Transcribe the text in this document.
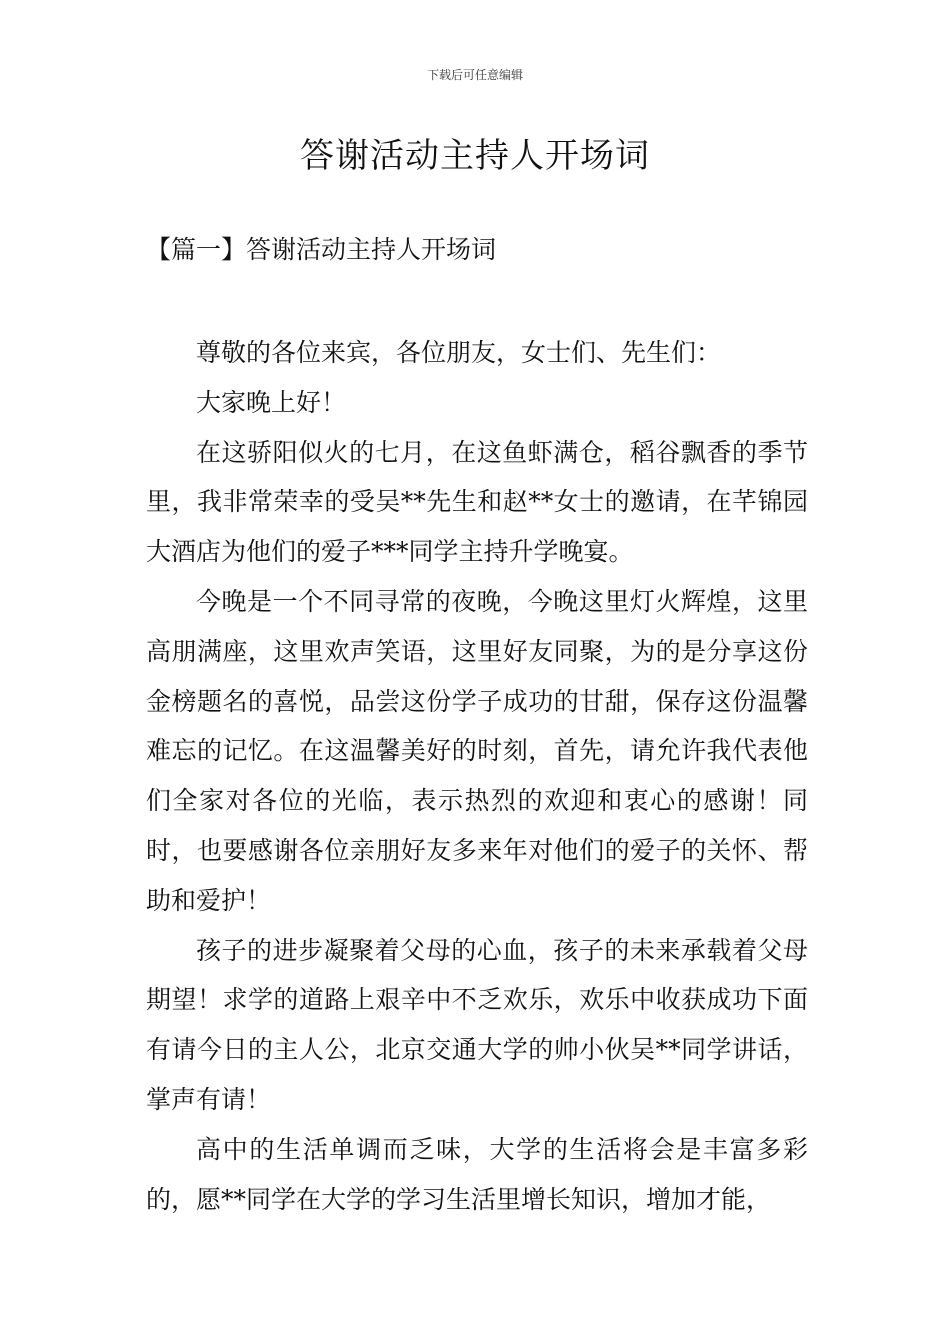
下载后可任意编辑
答谢活动主持人开场词
【篇一】答谢活动主持人开场词

尊敬的各位来宾，各位朋友，女士们、先生们：

大家晚上好！

在这骄阳似火的七月，在这鱼虾满仓，稻谷飘香的季节里，我非常荣幸的受吴**先生和赵**女士的邀请，在芊锦园大酒店为他们的爱子***同学主持升学晚宴。

今晚是一个不同寻常的夜晚，今晚这里灯火辉煌，这里高朋满座，这里欢声笑语，这里好友同聚，为的是分享这份金榜题名的喜悦，品尝这份学子成功的甘甜，保存这份温馨难忘的记忆。在这温馨美好的时刻，首先，请允许我代表他们全家对各位的光临，表示热烈的欢迎和衷心的感谢！同时，也要感谢各位亲朋好友多来年对他们的爱子的关怀、帮助和爱护！

孩子的进步凝聚着父母的心血，孩子的未来承载着父母期望！求学的道路上艰辛中不乏欢乐，欢乐中收获成功下面有请今日的主人公，北京交通大学的帅小伙吴**同学讲话，掌声有请！

高中的生活单调而乏味，大学的生活将会是丰富多彩的，愿**同学在大学的学习生活里增长知识，增加才能，
